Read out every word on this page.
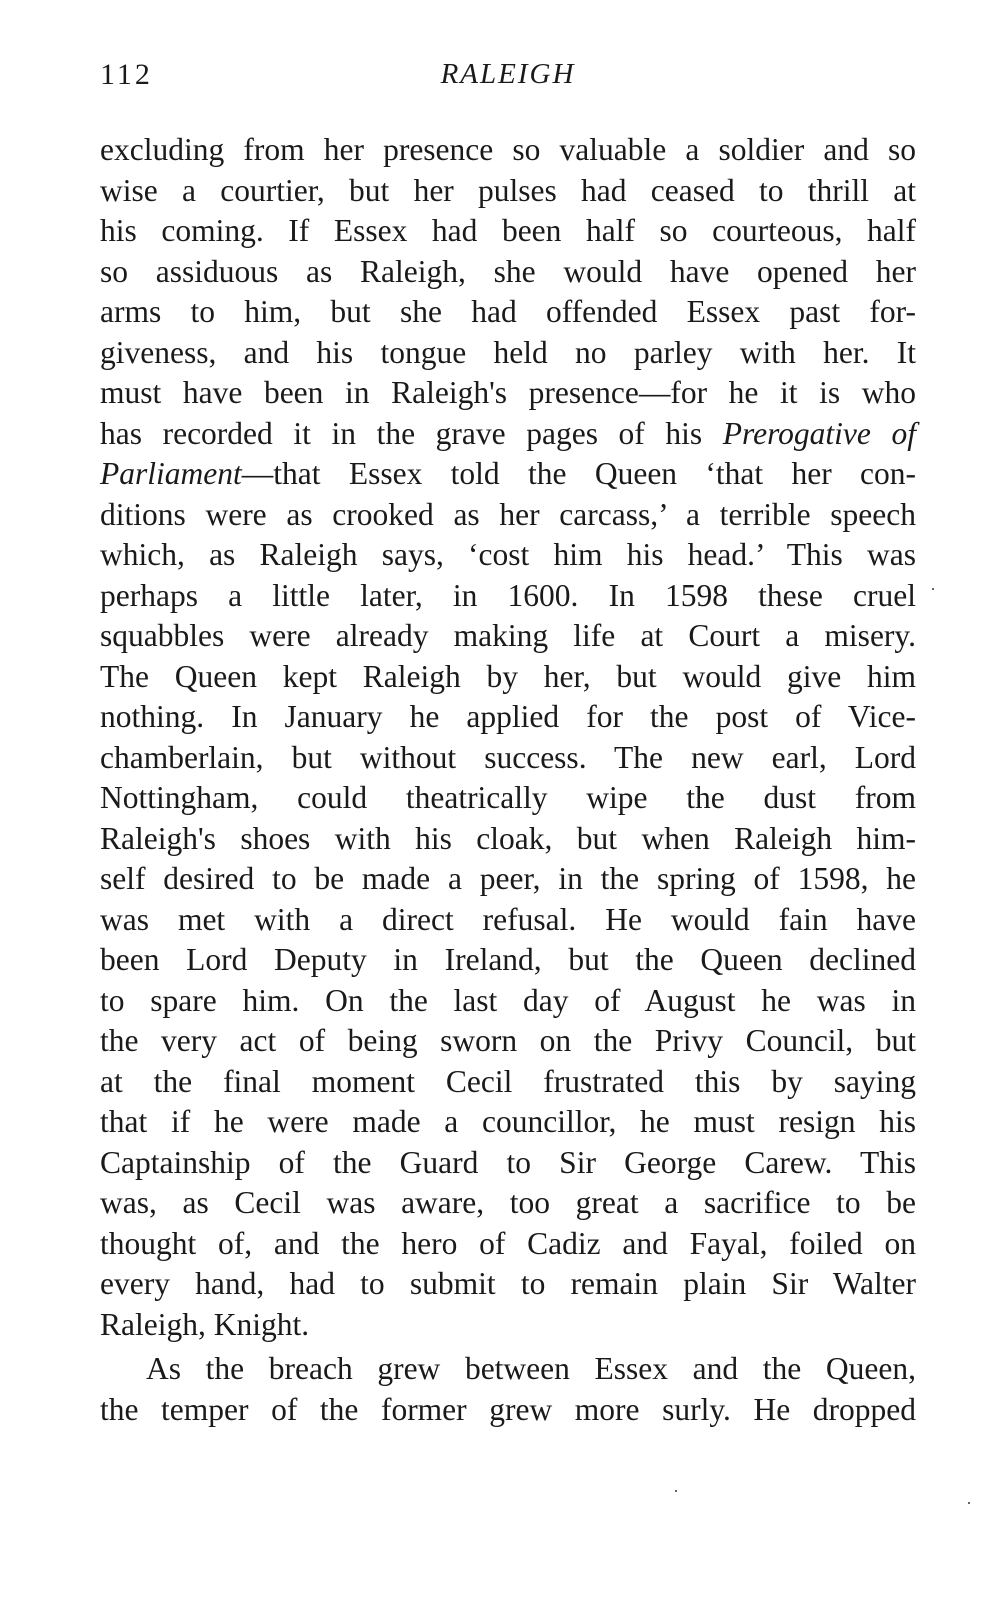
112	RALEIGH
excluding from her presence so valuable a soldier and so
wise a courtier, but her pulses had ceased to thrill at
his coming. If Essex had been half so courteous, half
so assiduous as Raleigh, she would have opened her
arms to him, but she had offended Essex past for-
giveness, and his tongue held no parley with her. It
must have been in Raleigh's presence—for he it is who
has recorded it in the grave pages of his Prerogative of
Parliament—that Essex told the Queen ‘that her con-
ditions were as crooked as her carcass,’ a terrible speech
which, as Raleigh says, ‘cost him his head.’ This was
perhaps a little later, in 1600. In 1598 these cruel
squabbles were already making life at Court a misery.
The Queen kept Raleigh by her, but would give him
nothing. In January he applied for the post of Vice-
chamberlain, but without success. The new earl, Lord
Nottingham, could theatrically wipe the dust from
Raleigh's shoes with his cloak, but when Raleigh him-
self desired to be made a peer, in the spring of 1598, he
was met with a direct refusal. He would fain have
been Lord Deputy in Ireland, but the Queen declined
to spare him. On the last day of August he was in
the very act of being sworn on the Privy Council, but
at the final moment Cecil frustrated this by saying
that if he were made a councillor, he must resign his
Captainship of the Guard to Sir George Carew. This
was, as Cecil was aware, too great a sacrifice to be
thought of, and the hero of Cadiz and Fayal, foiled on
every hand, had to submit to remain plain Sir Walter
Raleigh, Knight.
As the breach grew between Essex and the Queen,
the temper of the former grew more surly. He dropped
